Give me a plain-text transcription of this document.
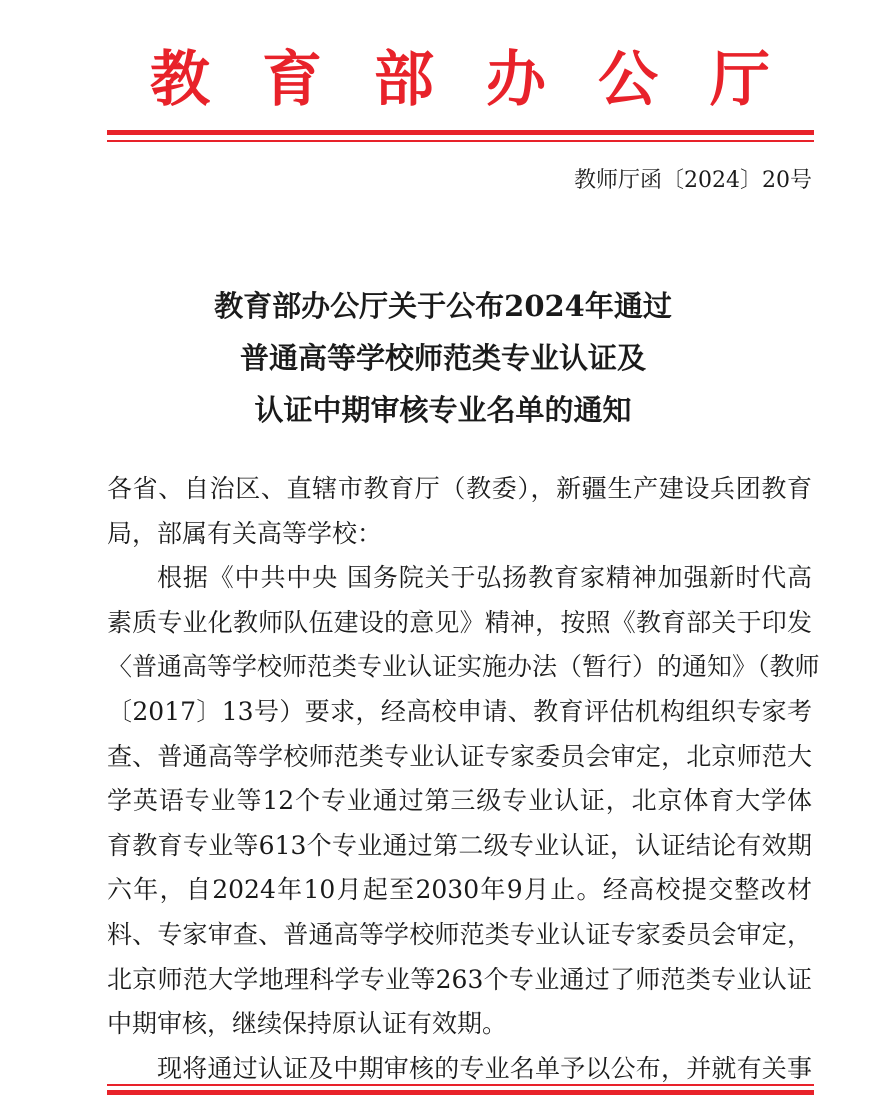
教 育 部 办 公 厅
教师厅函〔2024〕20号
教育部办公厅关于公布2024年通过
普通高等学校师范类专业认证及
认证中期审核专业名单的通知
各省、自治区、直辖市教育厅（教委），新疆生产建设兵团教育
局，部属有关高等学校：
根据《中共中央 国务院关于弘扬教育家精神加强新时代高
素质专业化教师队伍建设的意见》精神，按照《教育部关于印发
〈普通高等学校师范类专业认证实施办法（暂行）的通知》（教师
〔2017〕13号）要求，经高校申请、教育评估机构组织专家考
查、普通高等学校师范类专业认证专家委员会审定，北京师范大
学英语专业等12个专业通过第三级专业认证，北京体育大学体
育教育专业等613个专业通过第二级专业认证，认证结论有效期
六年，自2024年10月起至2030年9月止。经高校提交整改材
料、专家审查、普通高等学校师范类专业认证专家委员会审定，
北京师范大学地理科学专业等263个专业通过了师范类专业认证
中期审核，继续保持原认证有效期。
现将通过认证及中期审核的专业名单予以公布，并就有关事
